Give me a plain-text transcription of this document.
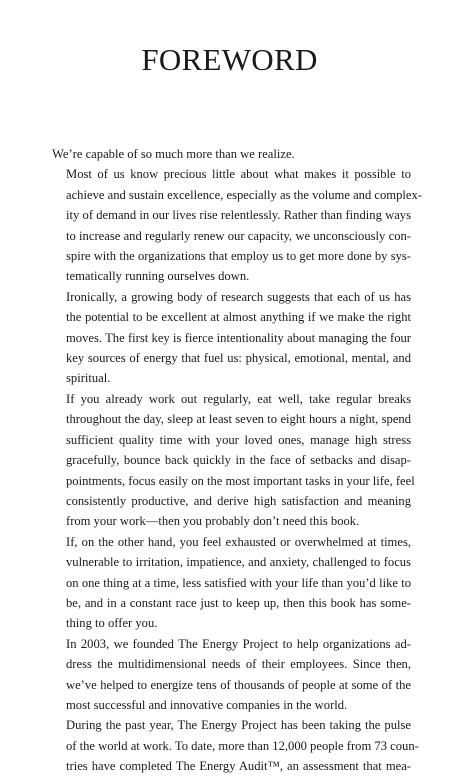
FOREWORD

We’re capable of so much more than we realize.

Most of us know precious little about what makes it possible to
achieve and sustain excellence, especially as the volume and complex-
ity of demand in our lives rise relentlessly. Rather than finding ways
to increase and regularly renew our capacity, we unconsciously con-
spire with the organizations that employ us to get more done by sys-
tematically running ourselves down.

Ironically, a growing body of research suggests that each of us has
the potential to be excellent at almost anything if we make the right
moves. The first key is fierce intentionality about managing the four
key sources of energy that fuel us: physical, emotional, mental, and
spiritual.

If you already work out regularly, eat well, take regular breaks
throughout the day, sleep at least seven to eight hours a night, spend
sufficient quality time with your loved ones, manage high stress
gracefully, bounce back quickly in the face of setbacks and disap-
pointments, focus easily on the most important tasks in your life, feel
consistently productive, and derive high satisfaction and meaning
from your work—then you probably don’t need this book.

If, on the other hand, you feel exhausted or overwhelmed at times,
vulnerable to irritation, impatience, and anxiety, challenged to focus
on one thing at a time, less satisfied with your life than you’d like to
be, and in a constant race just to keep up, then this book has some-
thing to offer you.

In 2003, we founded The Energy Project to help organizations ad-
dress the multidimensional needs of their employees. Since then,
we’ve helped to energize tens of thousands of people at some of the
most successful and innovative companies in the world.

During the past year, The Energy Project has been taking the pulse
of the world at work. To date, more than 12,000 people from 73 coun-
tries have completed The Energy Audit™, an assessment that mea-
